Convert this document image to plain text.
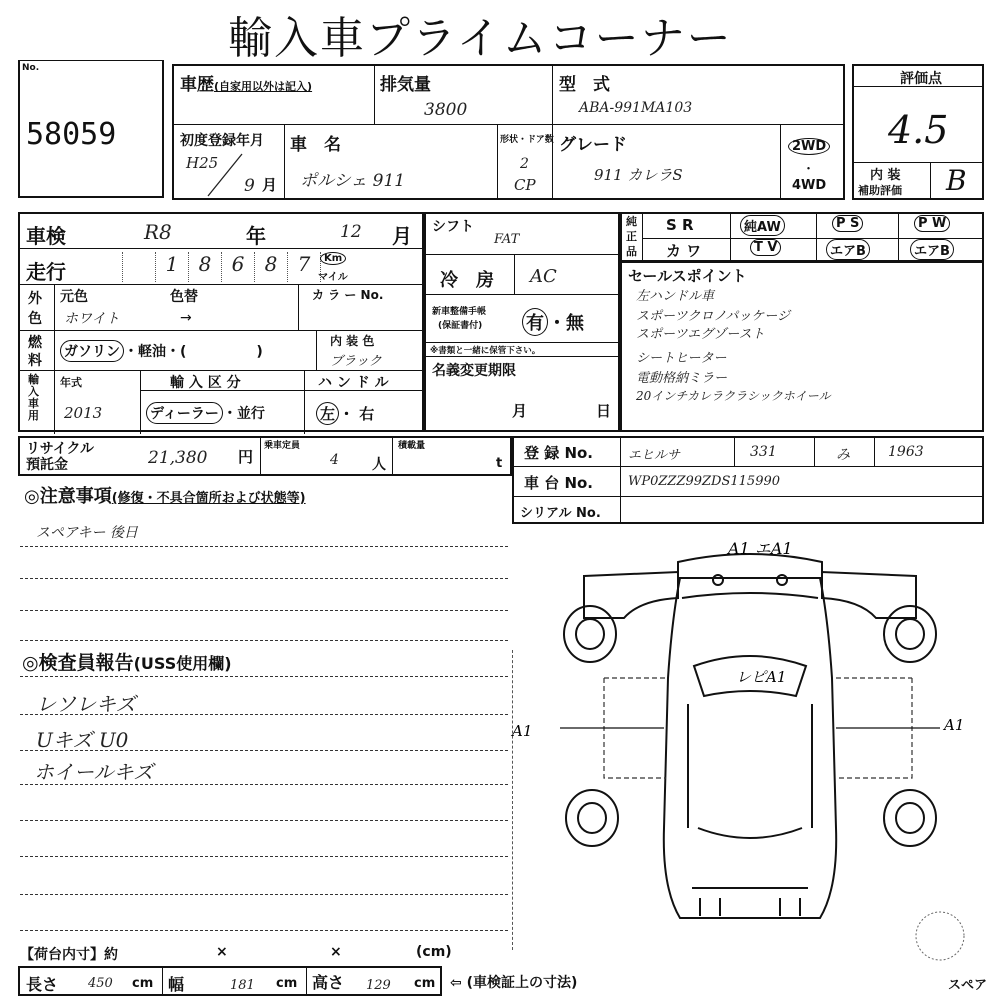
輸入車プライムコーナー
No.
58059
車歴(自家用以外は記入)	排気量
3800
型　式
ABA-991MA103
初度登録年月
H25
9 月
車　名
ポルシェ 911
形状・ドア数
2
CP
グレード
911 カレラS
2WD
・
4WD
評価点
4.5
内 装
補助評価 B
車検	R8	年	12 月
走行	1	8	6	8	7	Km
マイル
外
色
元色	色替
ホワイト	→
カ ラ ー No.
燃
料
ガソリン ・軽油・(　　　　　)
内 装 色
ブラック
輸
入
車
用
年式
2013
輸 入 区 分
ディーラー ・並行
ハ ン ド ル
左 ・ 右
シフト
FAT
冷　房 AC
新車整備手帳
(保証書付) 有 ・無
※書類と一緒に保管下さい。
名義変更期限
月	日
純
正
品
S R	純AW	P S	P W
カ ワ	T V	エアB	エアB
セールスポイント
左ハンドル車
スポーツクロノパッケージ
スポーツエグゾースト
シートヒーター
電動格納ミラー
20インチカレラクラシックホイール
リサイクル
預託金	21,380 円
乗車定員
4 人
積載量
t
登 録 No.	エヒルサ	331	み	1963
車 台 No.	WP0ZZZ99ZDS115990
シリアル No.
◎注意事項(修復・不具合箇所および状態等)
スペアキー 後日
◎検査員報告(USS使用欄)
レソレキズ
Uキズ U0
ホイールキズ
A1 エA1
レピA1
A1	A1
【荷台内寸】約	×	×	(cm)
長さ 450 cm 幅	181 cm 高さ 129 cm ⇦ (車検証上の寸法)	スペア
